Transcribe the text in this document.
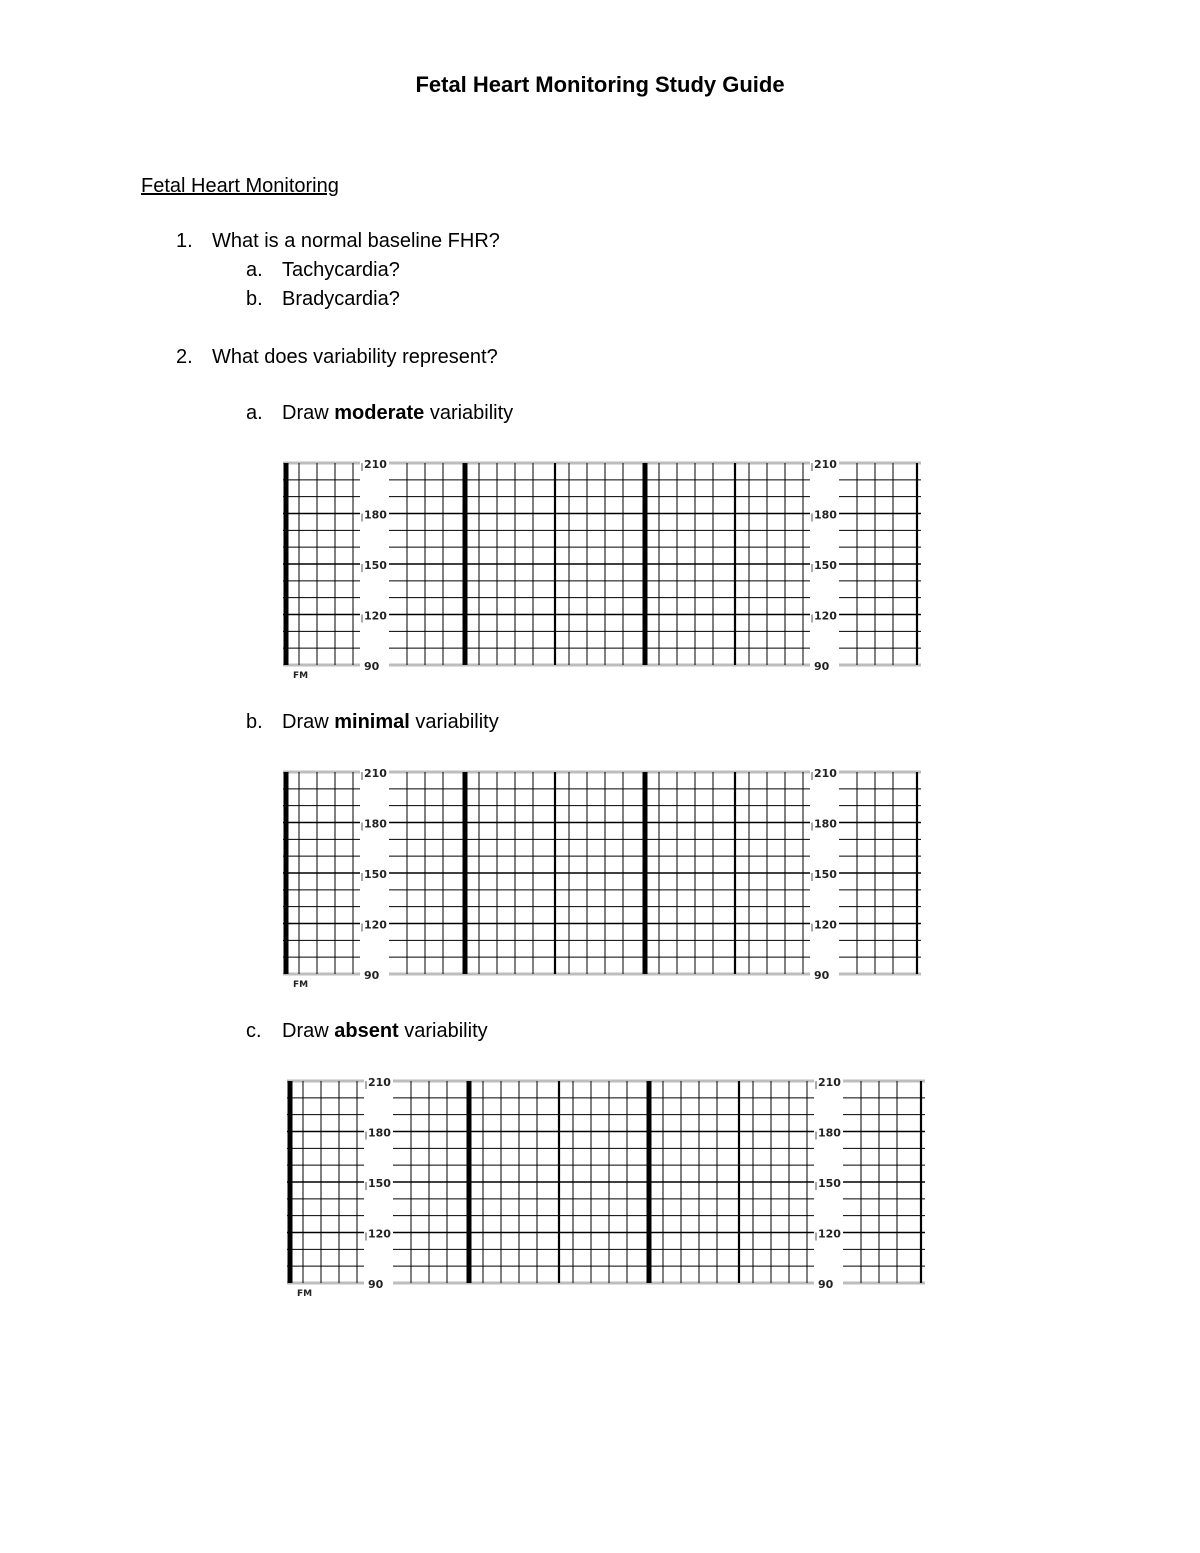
Fetal Heart Monitoring Study Guide
Fetal Heart Monitoring
1. What is a normal baseline FHR?
a. Tachycardia?
b. Bradycardia?
2. What does variability represent?
a. Draw moderate variability
210
180
150
120
90
210
180
150
120
90
FM
b. Draw minimal variability
210
180
150
120
90
210
180
150
120
90
FM
c. Draw absent variability
210
180
150
120
90
210
180
150
120
90
FM
